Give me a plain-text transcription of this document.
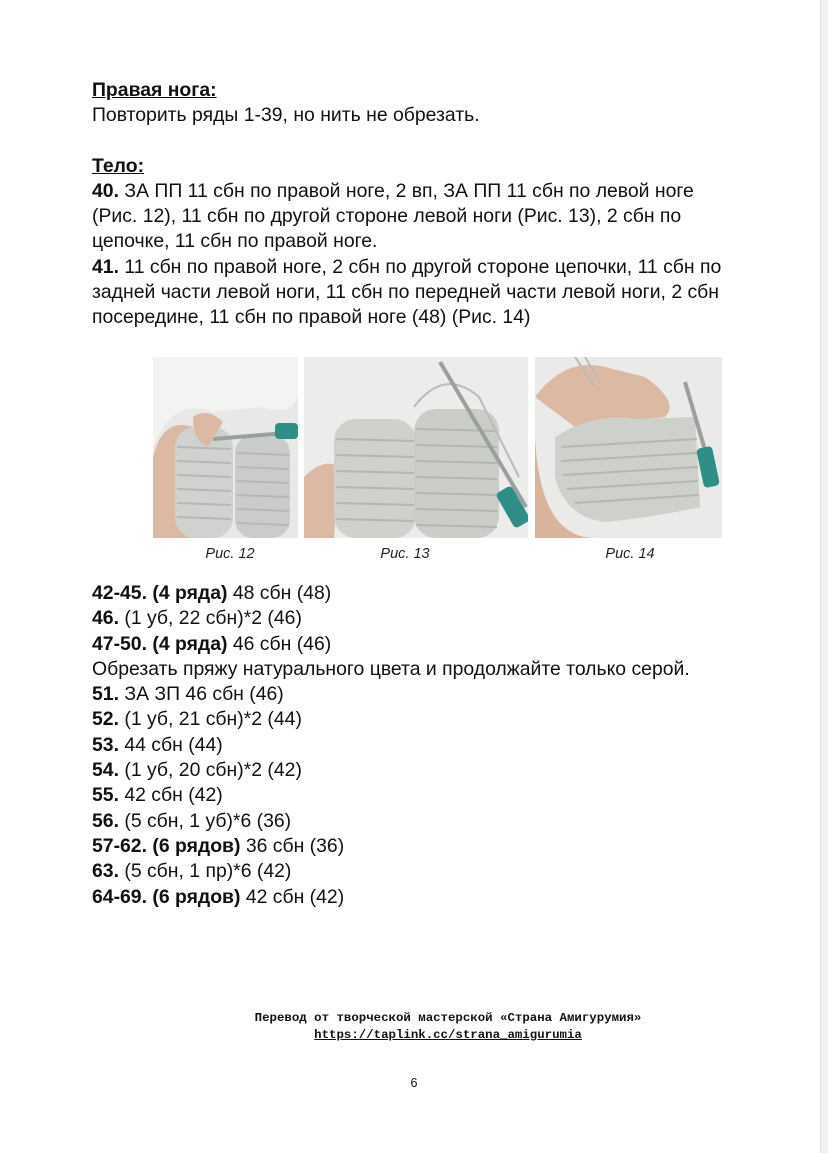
Правая нога:

Повторить ряды 1-39, но нить не обрезать.

Тело:

40. ЗА ПП 11 сбн по правой ноге, 2 вп, ЗА ПП 11 сбн по левой ноге (Рис. 12), 11 сбн по другой стороне левой ноги (Рис. 13), 2 сбн по цепочке, 11 сбн по правой ноге.

41. 11 сбн по правой ноге, 2 сбн по другой стороне цепочки, 11 сбн по задней части левой ноги, 11 сбн по передней части левой ноги, 2 сбн посередине, 11 сбн по правой ноге (48) (Рис. 14)

Рис. 12	Рис. 13	Рис. 14

42-45. (4 ряда) 48 сбн (48)

46. (1 уб, 22 сбн)*2 (46)

47-50. (4 ряда) 46 сбн (46)

Обрезать пряжу натурального цвета и продолжайте только серой.

51. ЗА ЗП 46 сбн (46)

52. (1 уб, 21 сбн)*2 (44)

53. 44 сбн (44)

54. (1 уб, 20 сбн)*2 (42)

55. 42 сбн (42)

56. (5 сбн, 1 уб)*6 (36)

57-62. (6 рядов) 36 сбн (36)

63. (5 сбн, 1 пр)*6 (42)

64-69. (6 рядов) 42 сбн (42)

Перевод от творческой мастерской «Страна Амигурумия»
https://taplink.cc/strana_amigurumia
6
